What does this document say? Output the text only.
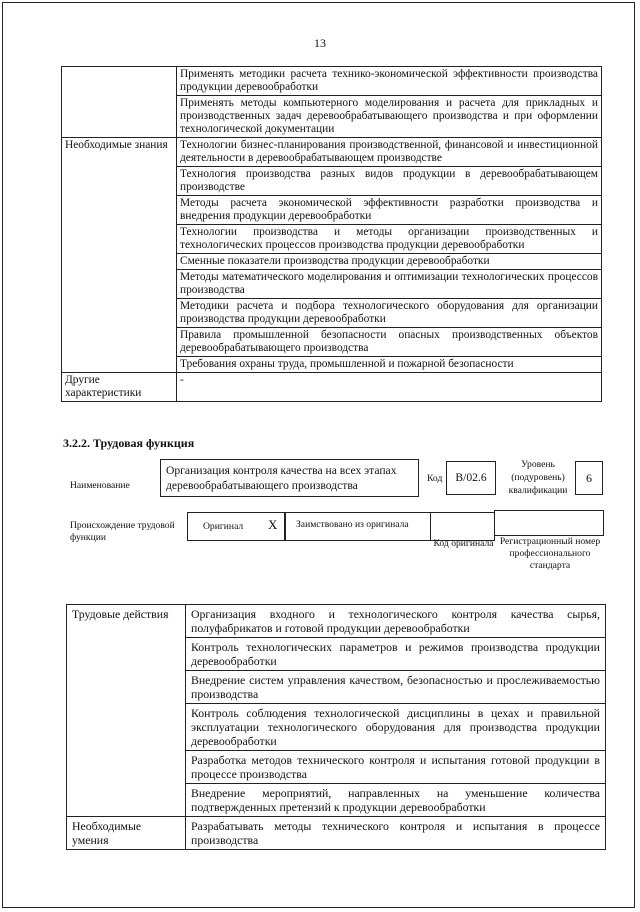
13
	Применять методики расчета технико-экономической эффективности производства продукции деревообработки
	Применять методы компьютерного моделирования и расчета для прикладных и производственных задач деревообрабатывающего производства и при оформлении технологической документации
Необходимые знания	Технологии бизнес-планирования производственной, финансовой и инвестиционной деятельности в деревообрабатывающем производстве
	Технология производства разных видов продукции в деревообрабатывающем производстве
	Методы расчета экономической эффективности разработки производства и внедрения продукции деревообработки
	Технологии производства и методы организации производственных и технологических процессов производства продукции деревообработки
	Сменные показатели производства продукции деревообработки
	Методы математического моделирования и оптимизации технологических процессов производства
	Методики расчета и подбора технологического оборудования для организации производства продукции деревообработки
	Правила промышленной безопасности опасных производственных объектов деревообрабатывающего производства
	Требования охраны труда, промышленной и пожарной безопасности
Другие характеристики	-
3.2.2. Трудовая функция
Наименование
Организация контроля качества на всех этапах деревообрабатывающего производства
Код	B/02.6
Уровень (подуровень) квалификации
6
Происхождение трудовой функции
Оригинал X Заимствовано из оригинала
Код оригинала Регистрационный номер профессионального стандарта
Трудовые действия	Организация входного и технологического контроля качества сырья, полуфабрикатов и готовой продукции деревообработки
	Контроль технологических параметров и режимов производства продукции деревообработки
	Внедрение систем управления качеством, безопасностью и прослеживаемостью производства
	Контроль соблюдения технологической дисциплины в цехах и правильной эксплуатации технологического оборудования для производства продукции деревообработки
	Разработка методов технического контроля и испытания готовой продукции в процессе производства
	Внедрение мероприятий, направленных на уменьшение количества подтвержденных претензий к продукции деревообработки
Необходимые умения	Разрабатывать методы технического контроля и испытания в процессе производства
